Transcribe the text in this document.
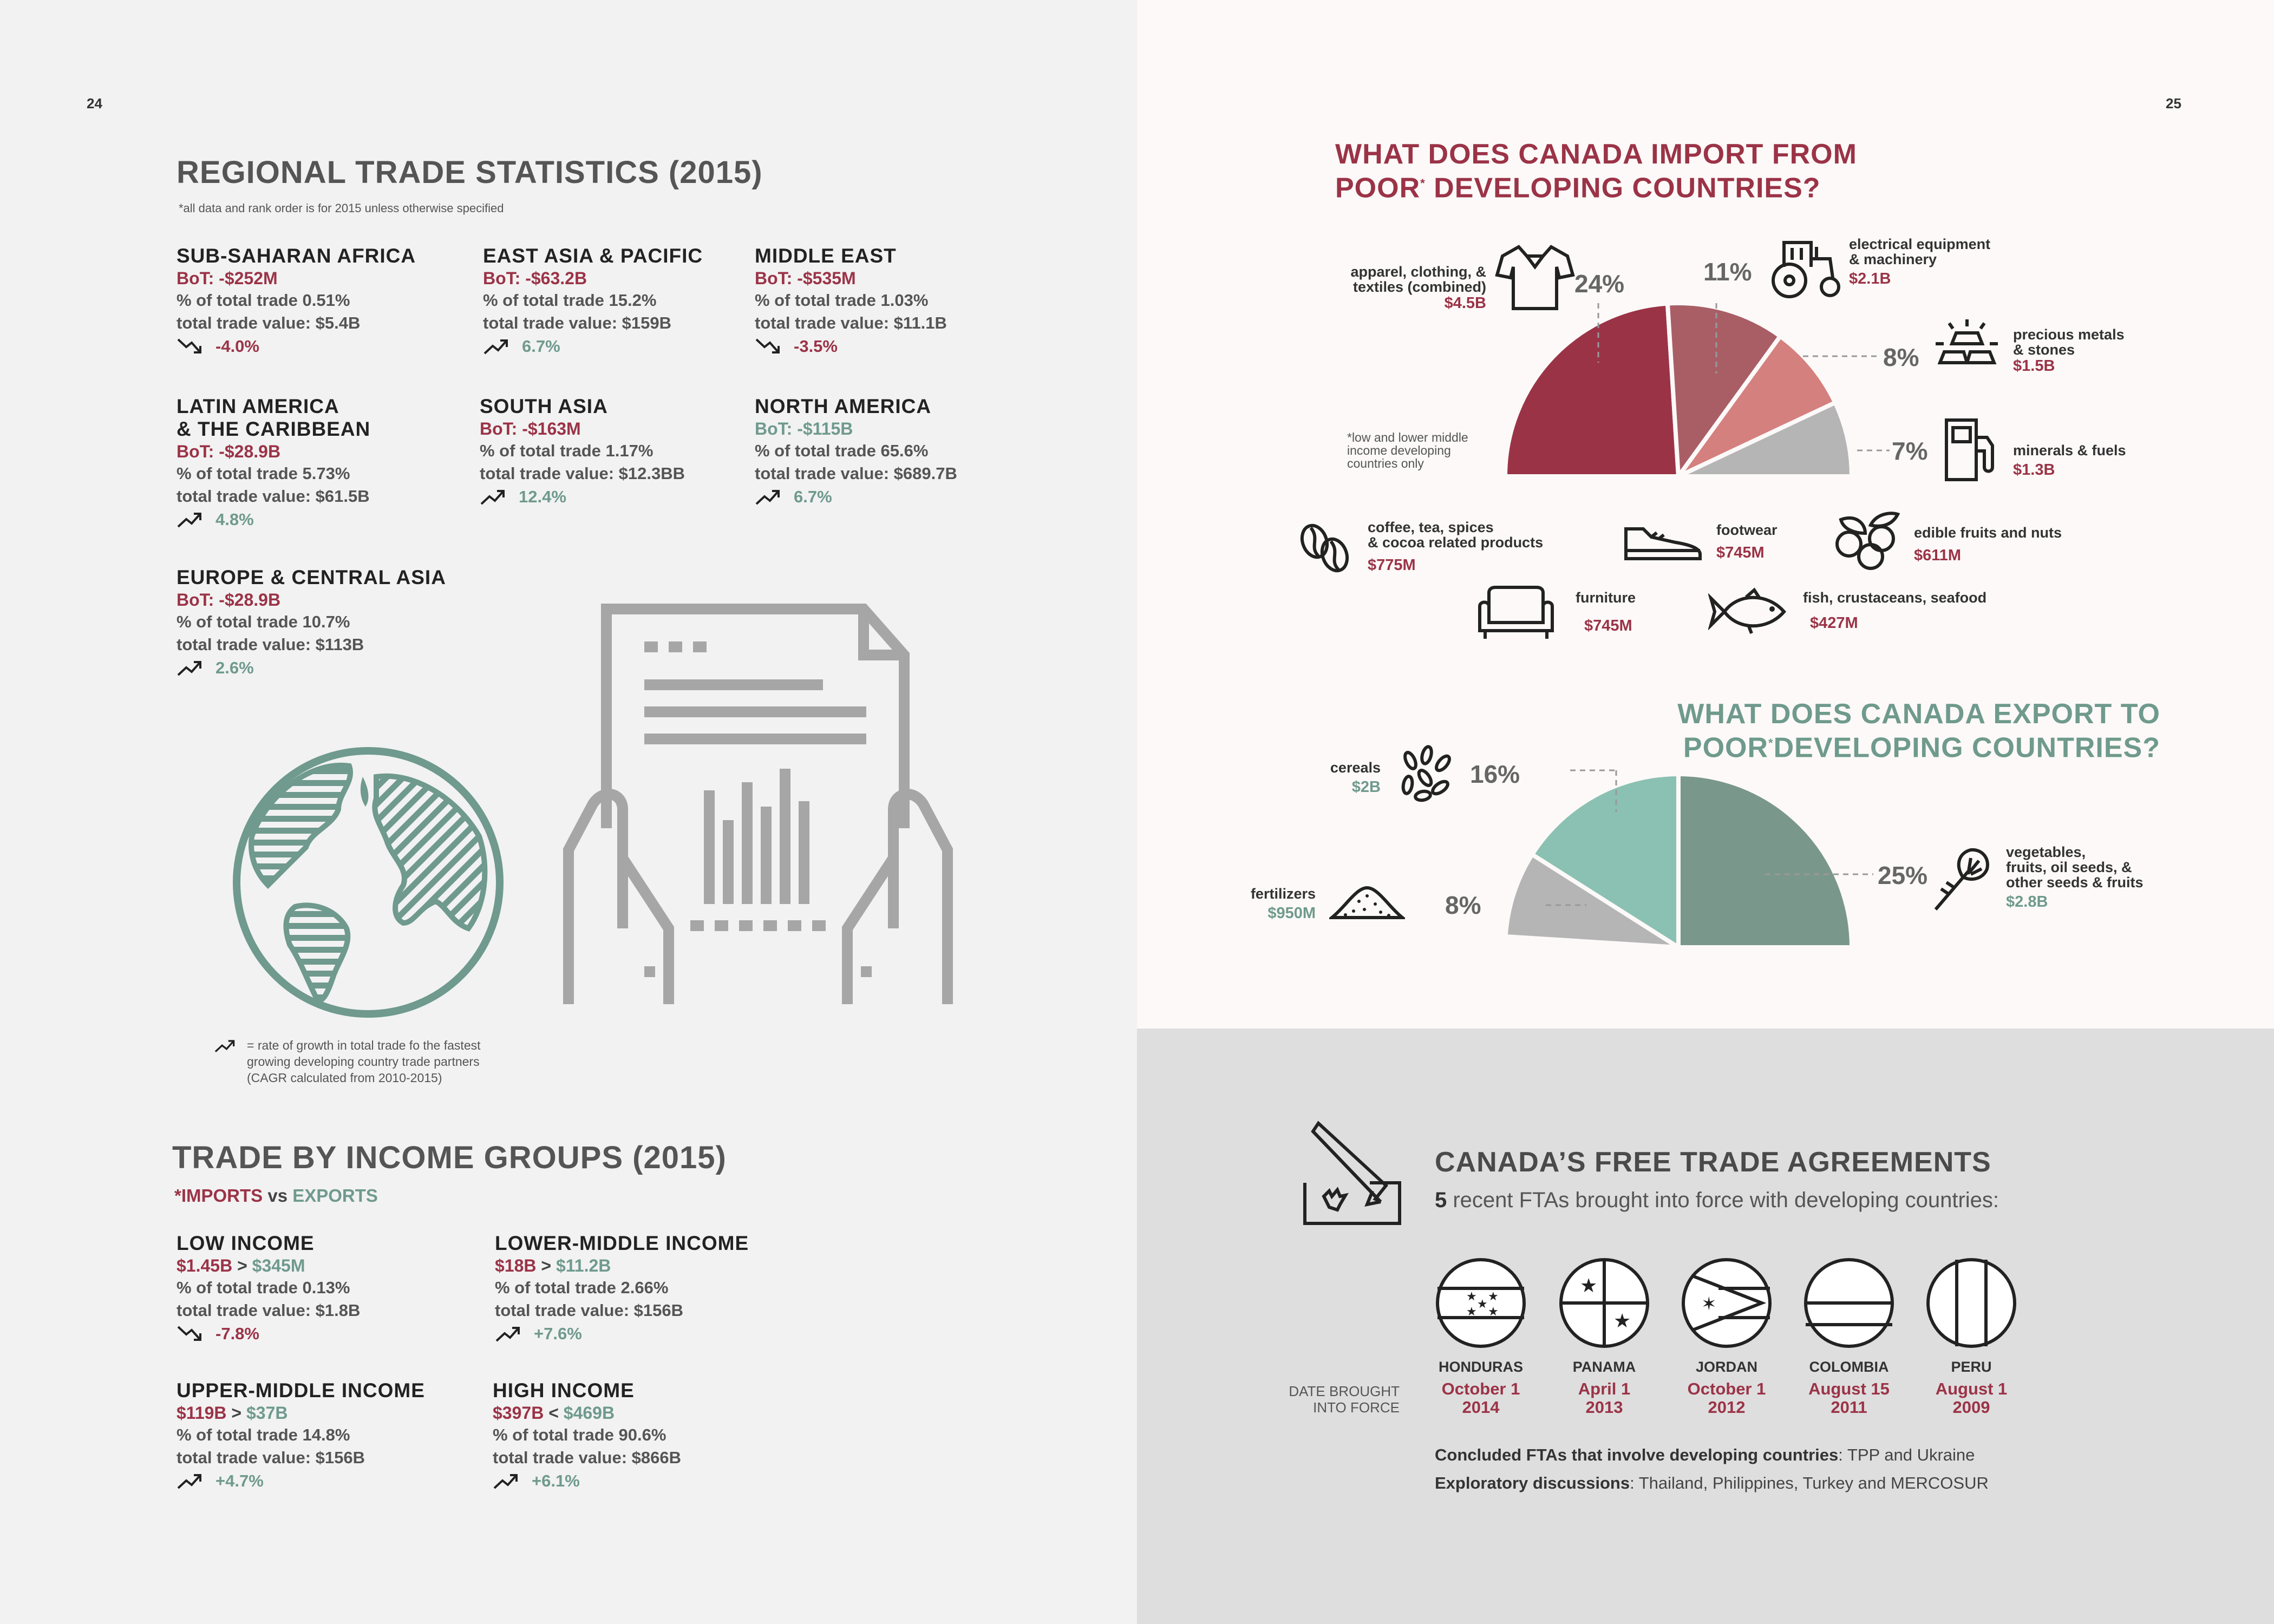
24	25
REGIONAL TRADE STATISTICS (2015)
*all data and rank order is for 2015 unless otherwise specified
SUB-SAHARAN AFRICA
BoT: -$252M
% of total trade 0.51%
total trade value: $5.4B
-4.0%
EAST ASIA & PACIFIC
BoT: -$63.2B
% of total trade 15.2%
total trade value: $159B
6.7%
MIDDLE EAST
BoT: -$535M
% of total trade 1.03%
total trade value: $11.1B
-3.5%
LATIN AMERICA
& THE CARIBBEAN
BoT: -$28.9B
% of total trade 5.73%
total trade value: $61.5B
4.8%
SOUTH ASIA
BoT: -$163M
% of total trade 1.17%
total trade value: $12.3BB
12.4%
NORTH AMERICA
BoT: -$115B
% of total trade 65.6%
total trade value: $689.7B
6.7%
EUROPE & CENTRAL ASIA
BoT: -$28.9B
% of total trade 10.7%
total trade value: $113B
2.6%
= rate of growth in total trade fo the fastest growing developing country trade partners (CAGR calculated from 2010-2015)
TRADE BY INCOME GROUPS (2015)
*IMPORTS vs EXPORTS
LOW INCOME
$1.45B > $345M
% of total trade 0.13%
total trade value: $1.8B
-7.8%
LOWER-MIDDLE INCOME
$18B > $11.2B
% of total trade 2.66%
total trade value: $156B
+7.6%
UPPER-MIDDLE INCOME
$119B > $37B
% of total trade 14.8%
total trade value: $156B
+4.7%
HIGH INCOME
$397B < $469B
% of total trade 90.6%
total trade value: $866B
+6.1%
WHAT DOES CANADA IMPORT FROM
POOR* DEVELOPING COUNTRIES?
24%	11%
8%
7%
apparel, clothing, &
textiles (combined)
$4.5B
electrical equipment
& machinery
$2.1B
precious metals
& stones
$1.5B
minerals & fuels
$1.3B
*low and lower middle income developing countries only
coffee, tea, spices
& cocoa related products
$775M
footwear
$745M
edible fruits and nuts
$611M
furniture
$745M
fish, crustaceans, seafood
$427M
WHAT DOES CANADA EXPORT TO
POOR*DEVELOPING COUNTRIES?
16%
8%
25%
cereals
$2B
fertilizers
$950M
vegetables,
fruits, oil seeds, &
other seeds & fruits
$2.8B
CANADA’S FREE TRADE AGREEMENTS
5 recent FTAs brought into force with developing countries:
★ ★
★
★ ★
★
★
✶
DATE BROUGHT
INTO FORCE
HONDURAS
October 1
2014
PANAMA
April 1
2013
JORDAN
October 1
2012
COLOMBIA
August 15
2011
PERU
August 1
2009
Concluded FTAs that involve developing countries: TPP and Ukraine
Exploratory discussions: Thailand, Philippines, Turkey and MERCOSUR
